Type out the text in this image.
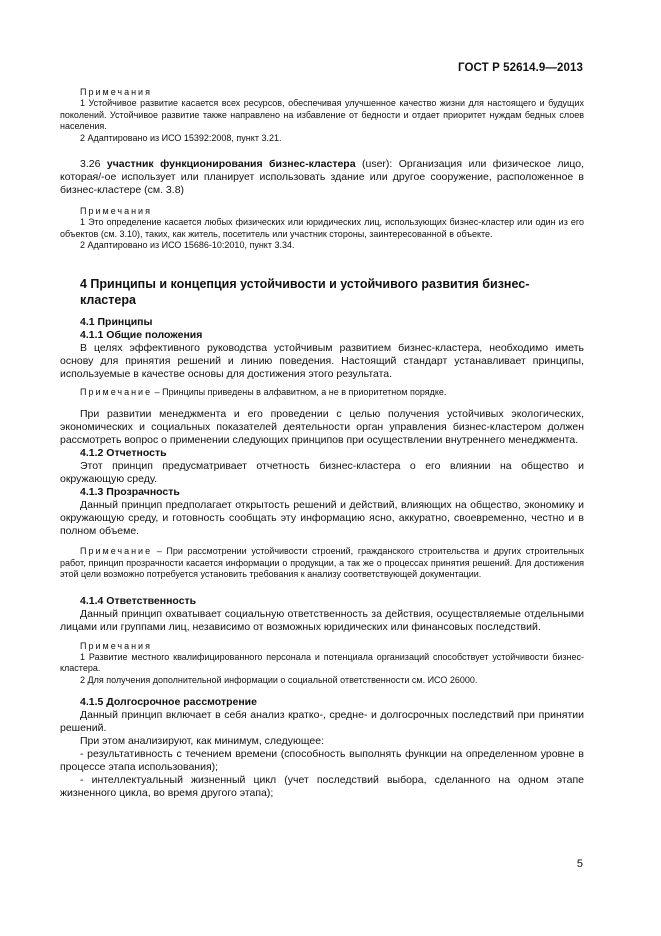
ГОСТ Р 52614.9—2013

Примечания

1 Устойчивое развитие касается всех ресурсов, обеспечивая улучшенное качество жизни для настоящего и будущих поколений. Устойчивое развитие также направлено на избавление от бедности и отдает приоритет нуждам бедных слоев населения.

2 Адаптировано из ИСО 15392:2008, пункт 3.21.

3.26 участник функционирования бизнес-кластера (user): Организация или физическое лицо, которая/-ое использует или планирует использовать здание или другое сооружение, расположенное в бизнес-кластере (см. 3.8)

Примечания

1 Это определение касается любых физических или юридических лиц, использующих бизнес-кластер или один из его объектов (см. 3.10), таких, как житель, посетитель или участник стороны, заинтересованной в объекте.

2 Адаптировано из ИСО 15686-10:2010, пункт 3.34.

4 Принципы и концепция устойчивости и устойчивого развития бизнес-кластера

4.1 Принципы

4.1.1 Общие положения

В целях эффективного руководства устойчивым развитием бизнес-кластера, необходимо иметь основу для принятия решений и линию поведения. Настоящий стандарт устанавливает принципы, используемые в качестве основы для достижения этого результата.

Примечание – Принципы приведены в алфавитном, а не в приоритетном порядке.

При развитии менеджмента и его проведении с целью получения устойчивых экологических, экономических и социальных показателей деятельности орган управления бизнес-кластером должен рассмотреть вопрос о применении следующих принципов при осуществлении внутреннего менеджмента.

4.1.2 Отчетность

Этот принцип предусматривает отчетность бизнес-кластера о его влиянии на общество и окружающую среду.

4.1.3 Прозрачность

Данный принцип предполагает открытость решений и действий, влияющих на общество, экономику и окружающую среду, и готовность сообщать эту информацию ясно, аккуратно, своевременно, честно и в полном объеме.

Примечание – При рассмотрении устойчивости строений, гражданского строительства и других строительных работ, принцип прозрачности касается информации о продукции, а так же о процессах принятия решений. Для достижения этой цели возможно потребуется установить требования к анализу соответствующей документации.

4.1.4 Ответственность

Данный принцип охватывает социальную ответственность за действия, осуществляемые отдельными лицами или группами лиц, независимо от возможных юридических или финансовых последствий.

Примечания

1 Развитие местного квалифицированного персонала и потенциала организаций способствует устойчивости бизнес-кластера.

2 Для получения дополнительной информации о социальной ответственности см. ИСО 26000.

4.1.5 Долгосрочное рассмотрение

Данный принцип включает в себя анализ кратко-, средне- и долгосрочных последствий при принятии решений.

При этом анализируют, как минимум, следующее:

- результативность с течением времени (способность выполнять функции на определенном уровне в процессе этапа использования);

- интеллектуальный жизненный цикл (учет последствий выбора, сделанного на одном этапе жизненного цикла, во время другого этапа);

5
